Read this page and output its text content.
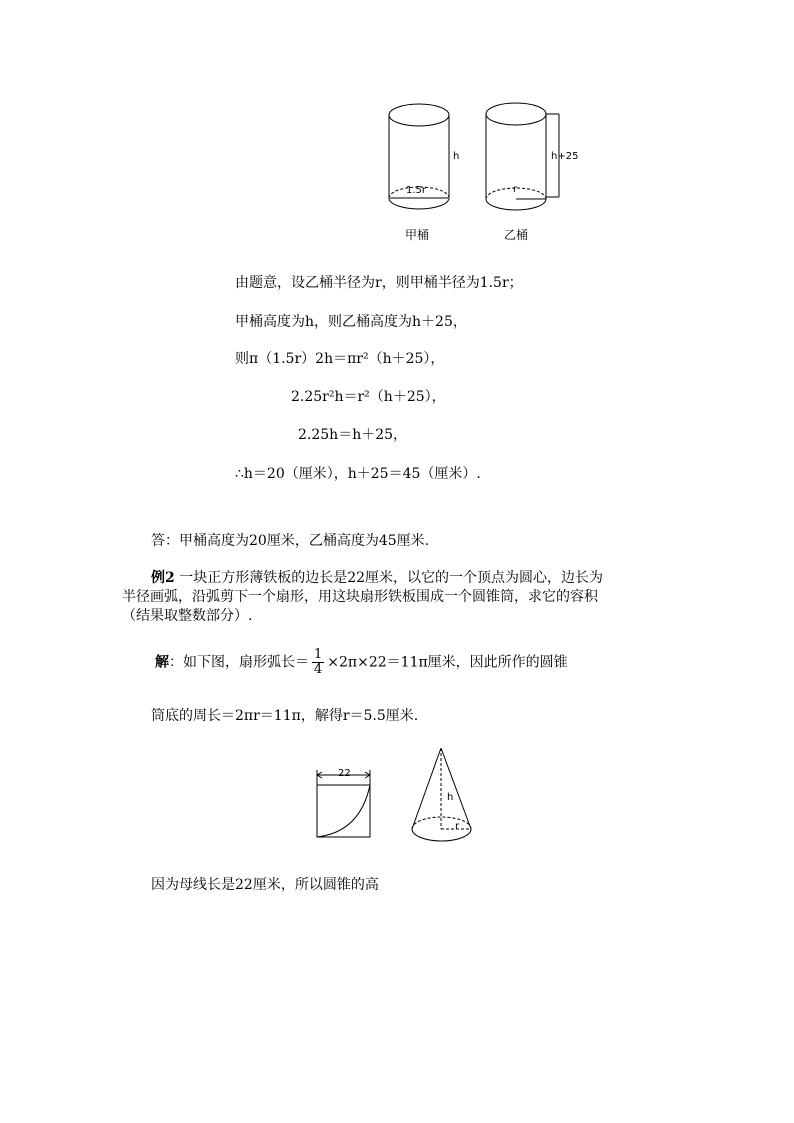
h
1.5r	r
h+25
甲桶	乙桶
由题意，设乙桶半径为r，则甲桶半径为1.5r；
甲桶高度为h，则乙桶高度为h＋25，
则π（1.5r）2h＝πr²（h＋25），
2.25r²h＝r²（h＋25），
2.25h＝h＋25，
∴h＝20（厘米），h＋25＝45（厘米）.
答：甲桶高度为20厘米，乙桶高度为45厘米.
例2 一块正方形薄铁板的边长是22厘米，以它的一个顶点为圆心，边长为
半径画弧，沿弧剪下一个扇形，用这块扇形铁板围成一个圆锥筒，求它的容积
（结果取整数部分）.
解：如下图，扇形弧长＝ $\frac{1}{4} \times 2\pi\times 22=11\pi$厘米，因此所作的圆锥
筒底的周长＝2πr＝11π，解得r＝5.5厘米.
22
h
r
因为母线长是22厘米，所以圆锥的高
